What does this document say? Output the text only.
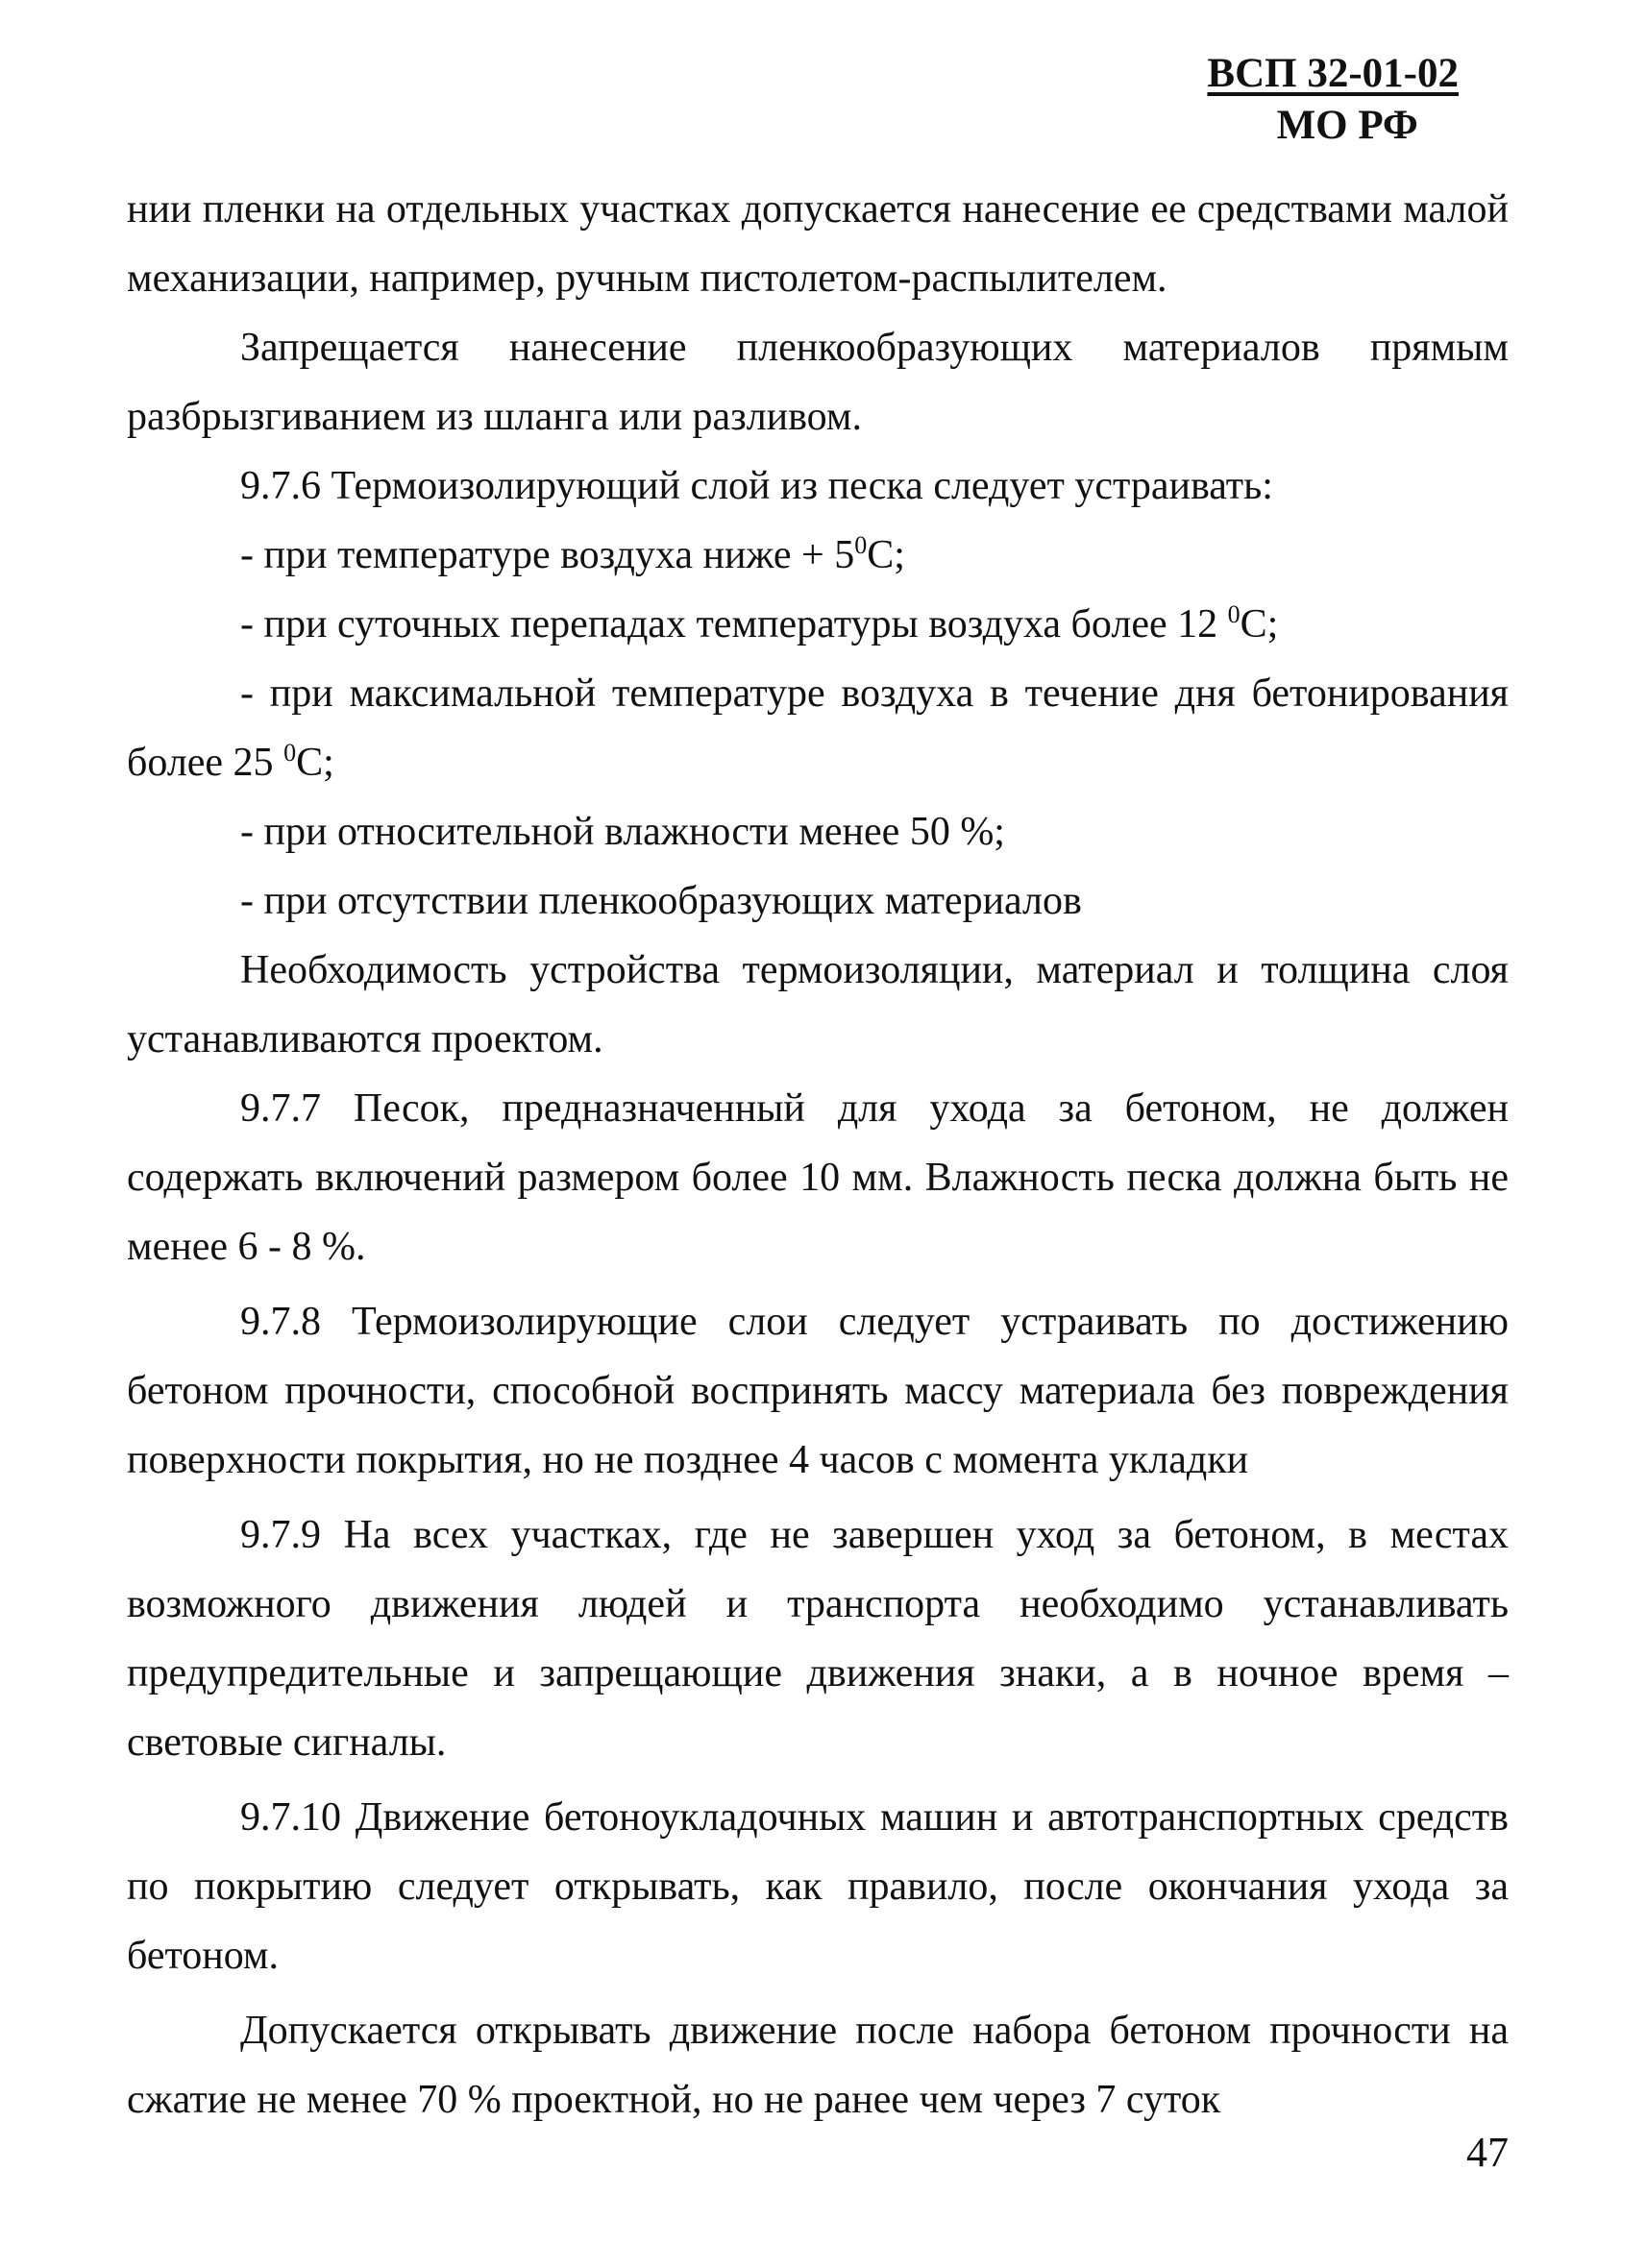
ВСП 32-01-02
МО РФ

нии пленки на отдельных участках допускается нанесение ее средствами малой механизации, например, ручным пистолетом-распылителем.

Запрещается нанесение пленкообразующих материалов прямым разбрызгиванием из шланга или разливом.

9.7.6 Термоизолирующий слой из песка следует устраивать:

- при температуре воздуха ниже + $5^0С$;

- при суточных перепадах температуры воздуха более 12 $^0$С;

- при максимальной температуре воздуха в течение дня бетонирования более 25 $^0$С;

- при относительной влажности менее 50 %;

- при отсутствии пленкообразующих материалов

Необходимость устройства термоизоляции, материал и толщина слоя устанавливаются проектом.

9.7.7 Песок, предназначенный для ухода за бетоном, не должен содержать включений размером более 10 мм. Влажность песка должна быть не менее 6 - 8 %.

9.7.8 Термоизолирующие слои следует устраивать по достижению бетоном прочности, способной воспринять массу материала без повреждения поверхности покрытия, но не позднее 4 часов с момента укладки

9.7.9 На всех участках, где не завершен уход за бетоном, в местах возможного движения людей и транспорта необходимо устанавливать предупредительные и запрещающие движения знаки, а в ночное время – световые сигналы.

9.7.10 Движение бетоноукладочных машин и автотранспортных средств по покрытию следует открывать, как правило, после окончания ухода за бетоном.

Допускается открывать движение после набора бетоном прочности на сжатие не менее 70 % проектной, но не ранее чем через 7 суток

47
